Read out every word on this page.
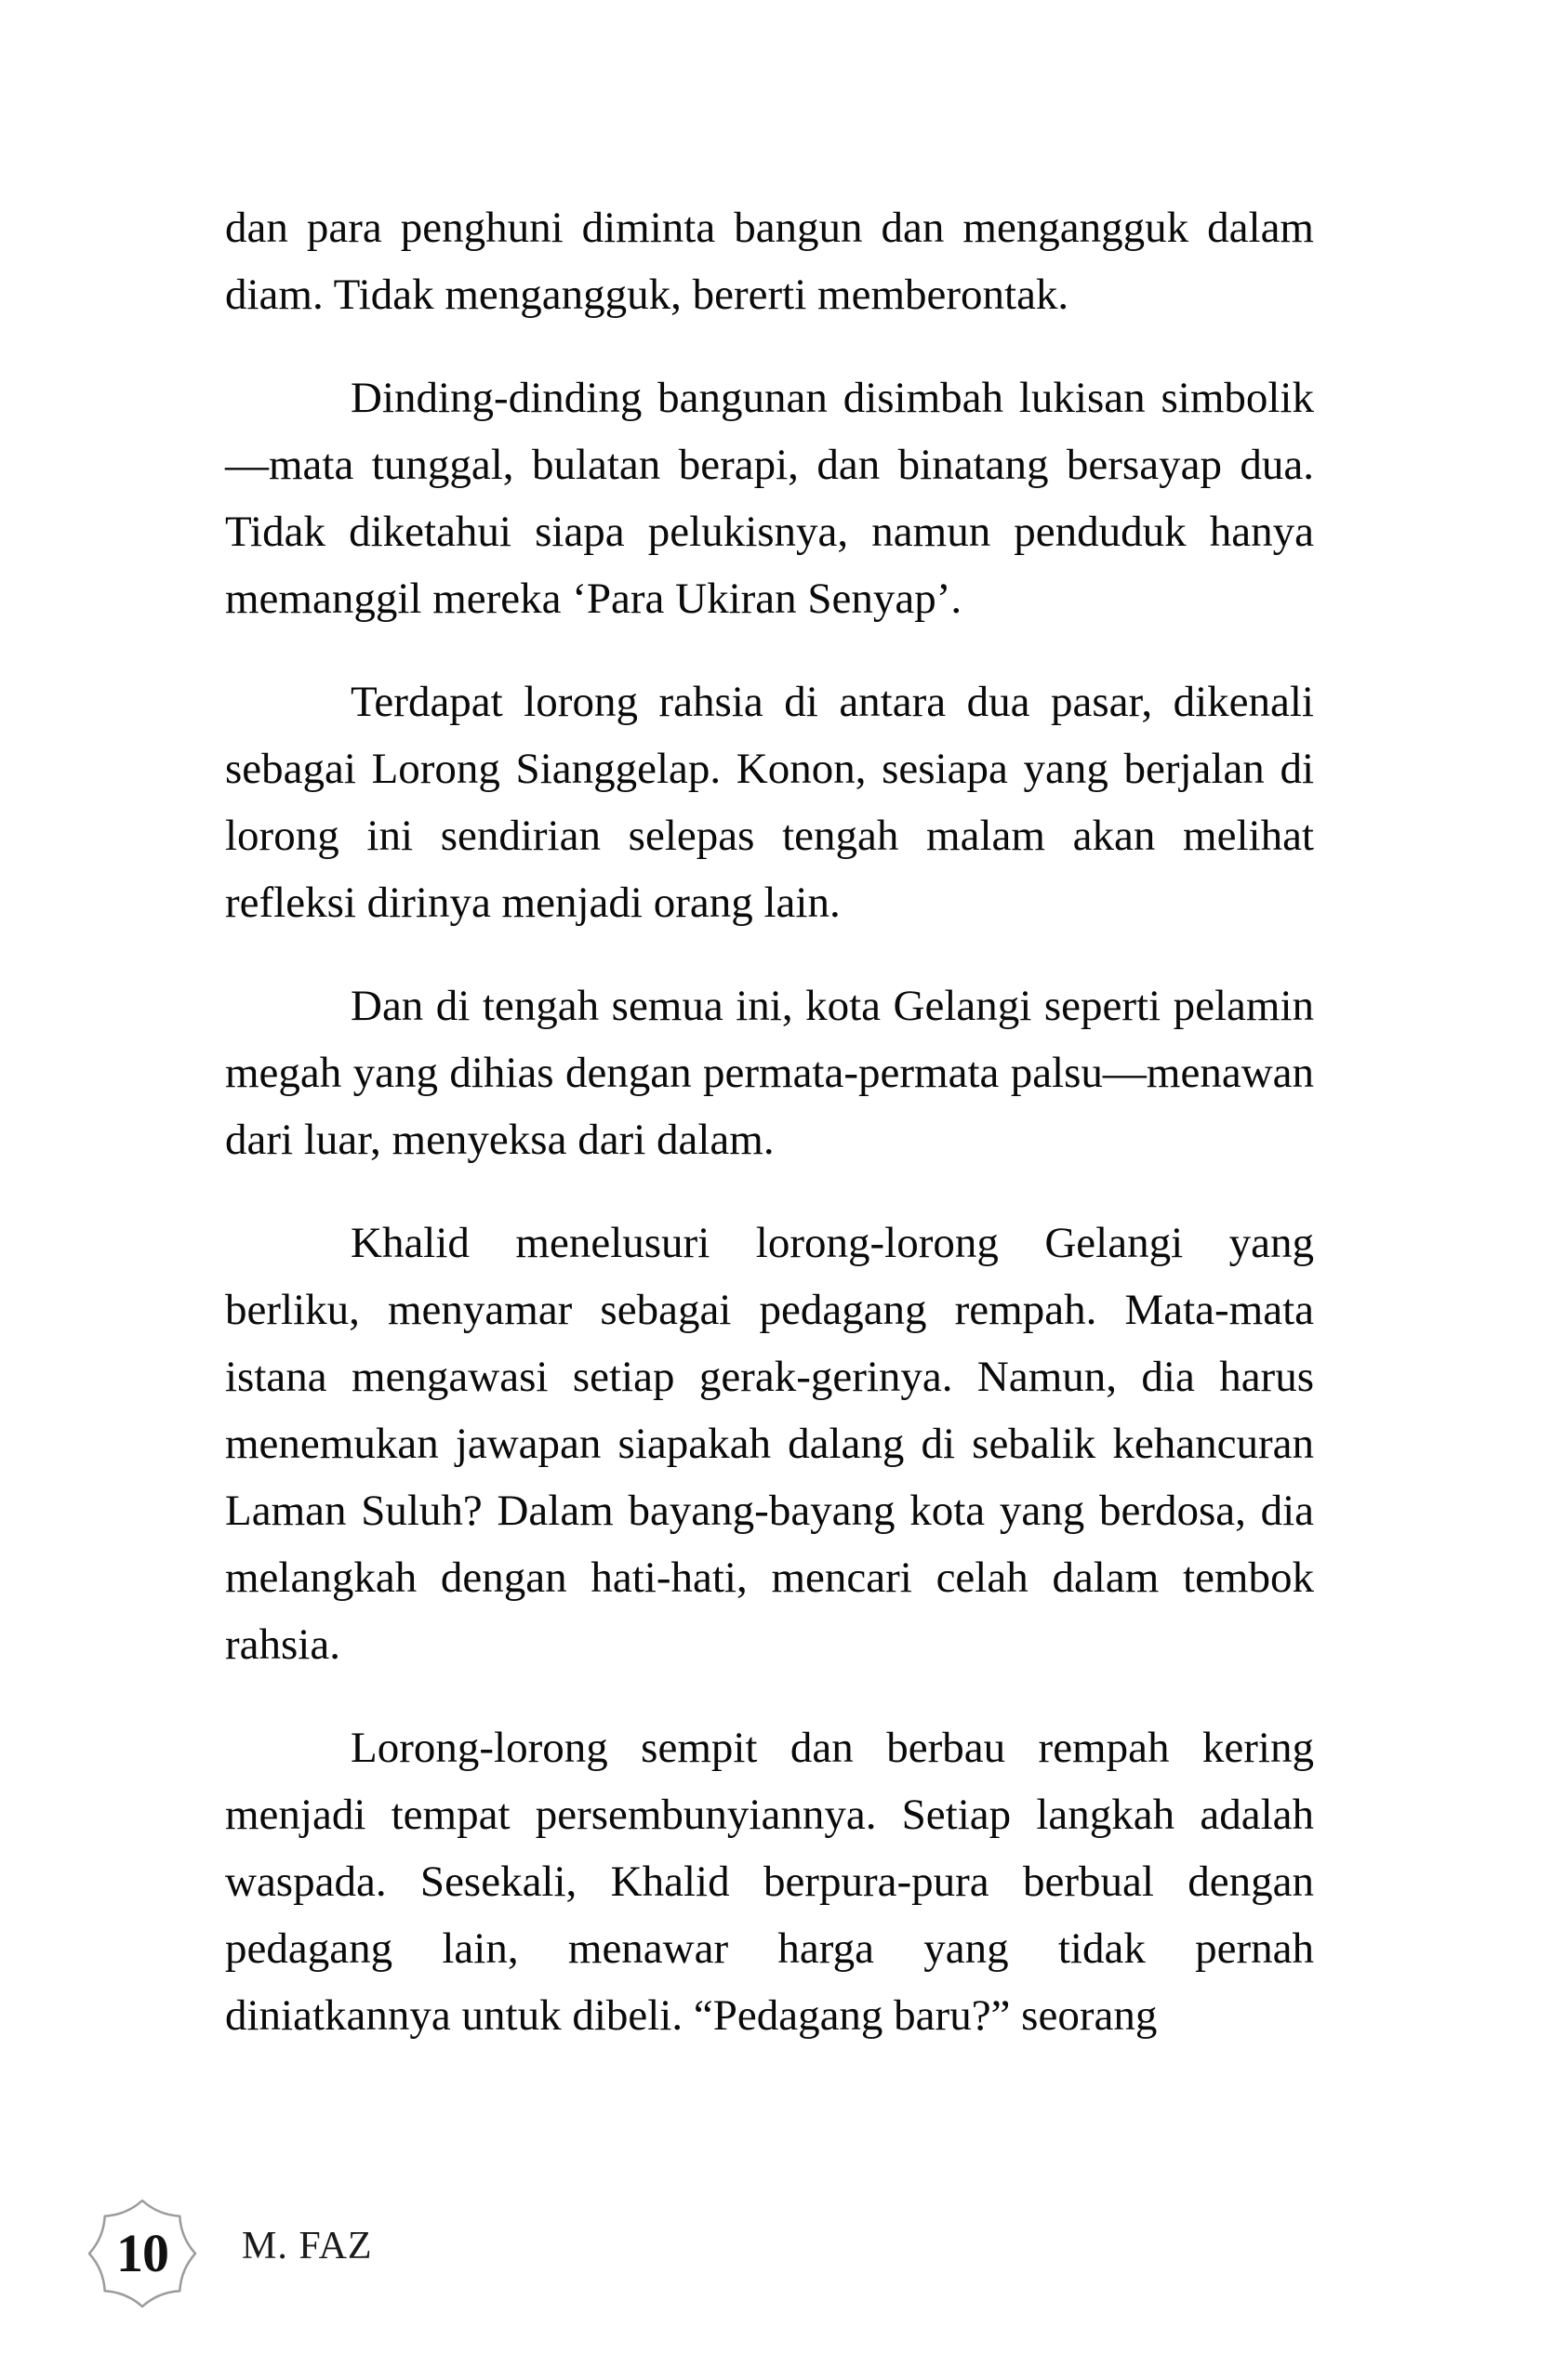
dan para penghuni diminta bangun dan mengangguk dalam diam. Tidak mengangguk, bererti memberontak.

Dinding-dinding bangunan disimbah lukisan simbolik—mata tunggal, bulatan berapi, dan binatang bersayap dua. Tidak diketahui siapa pelukisnya, namun penduduk hanya memanggil mereka ‘Para Ukiran Senyap’.

Terdapat lorong rahsia di antara dua pasar, dikenali sebagai Lorong Sianggelap. Konon, sesiapa yang berjalan di lorong ini sendirian selepas tengah malam akan melihat refleksi dirinya menjadi orang lain.

Dan di tengah semua ini, kota Gelangi seperti pelamin megah yang dihias dengan permata-permata palsu—menawan dari luar, menyeksa dari dalam.

Khalid menelusuri lorong-lorong Gelangi yang berliku, menyamar sebagai pedagang rempah. Mata-mata istana mengawasi setiap gerak-gerinya. Namun, dia harus menemukan jawapan siapakah dalang di sebalik kehancuran Laman Suluh? Dalam bayang-bayang kota yang berdosa, dia melangkah dengan hati-hati, mencari celah dalam tembok rahsia.

Lorong-lorong sempit dan berbau rempah kering menjadi tempat persembunyiannya. Setiap langkah adalah waspada. Sesekali, Khalid berpura-pura berbual dengan pedagang lain, menawar harga yang tidak pernah diniatkannya untuk dibeli. “Pedagang baru?” seorang

10 M. FAZ
